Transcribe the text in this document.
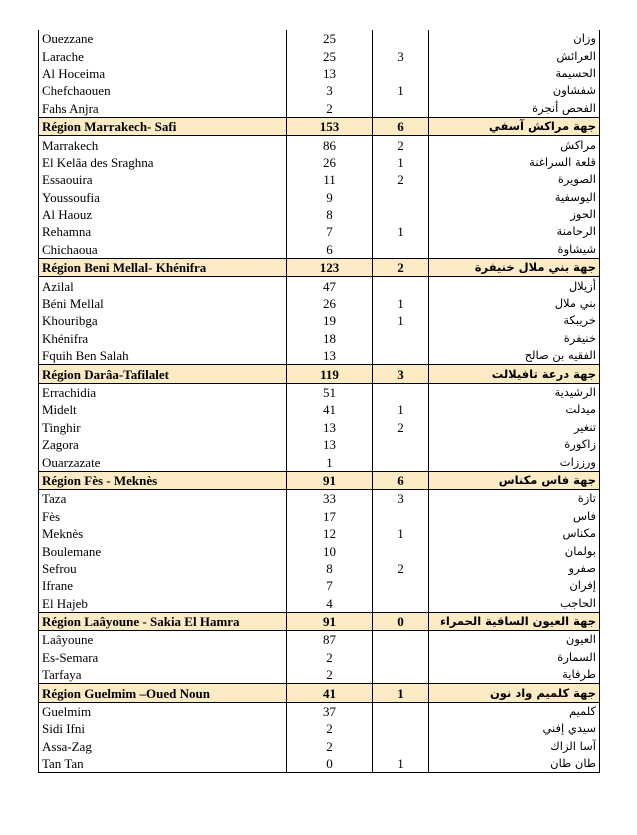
Ouezzane	25		وزان
Larache	25	3	العرائش
Al Hoceima	13		الحسيمة
Chefchaouen	3	1	شفشاون
Fahs Anjra	2		الفحص أنجرة
Région Marrakech- Safi	153	6	جهة مراكش آسفي
Marrakech	86	2	مراكش
El Kelâa des Sraghna	26	1	قلعة السراغنة
Essaouira	11	2	الصويرة
Youssoufia	9		اليوسفية
Al Haouz	8		الحوز
Rehamna	7	1	الرحامنة
Chichaoua	6		شيشاوة
Région Beni Mellal- Khénifra	123	2	جهة بني ملال خنيفرة
Azilal	47		أزيلال
Béni Mellal	26	1	بني ملال
Khouribga	19	1	خريبكة
Khénifra	18		خنيفرة
Fquih Ben Salah	13		الفقيه بن صالح
Région Darâa-Tafilalet	119	3	جهة درعة تافيلالت
Errachidia	51		الرشيدية
Midelt	41	1	ميدلت
Tinghir	13	2	تنغير
Zagora	13		زاكورة
Ouarzazate	1		ورززات
Région Fès - Meknès	91	6	جهة فاس مكناس
Taza	33	3	تازة
Fès	17		فاس
Meknès	12	1	مكناس
Boulemane	10		بولمان
Sefrou	8	2	صفرو
Ifrane	7		إفران
El Hajeb	4		الحاجب
Région Laâyoune - Sakia El Hamra	91	0	جهة العيون الساقية الحمراء
Laâyoune	87		العيون
Es-Semara	2		السمارة
Tarfaya	2		طرفاية
Région Guelmim –Oued Noun	41	1	جهة كلميم واد نون
Guelmim	37		كلميم
Sidi Ifni	2		سيدي إفني
Assa-Zag	2		آسا الزاك
Tan Tan	0	1	طان طان
